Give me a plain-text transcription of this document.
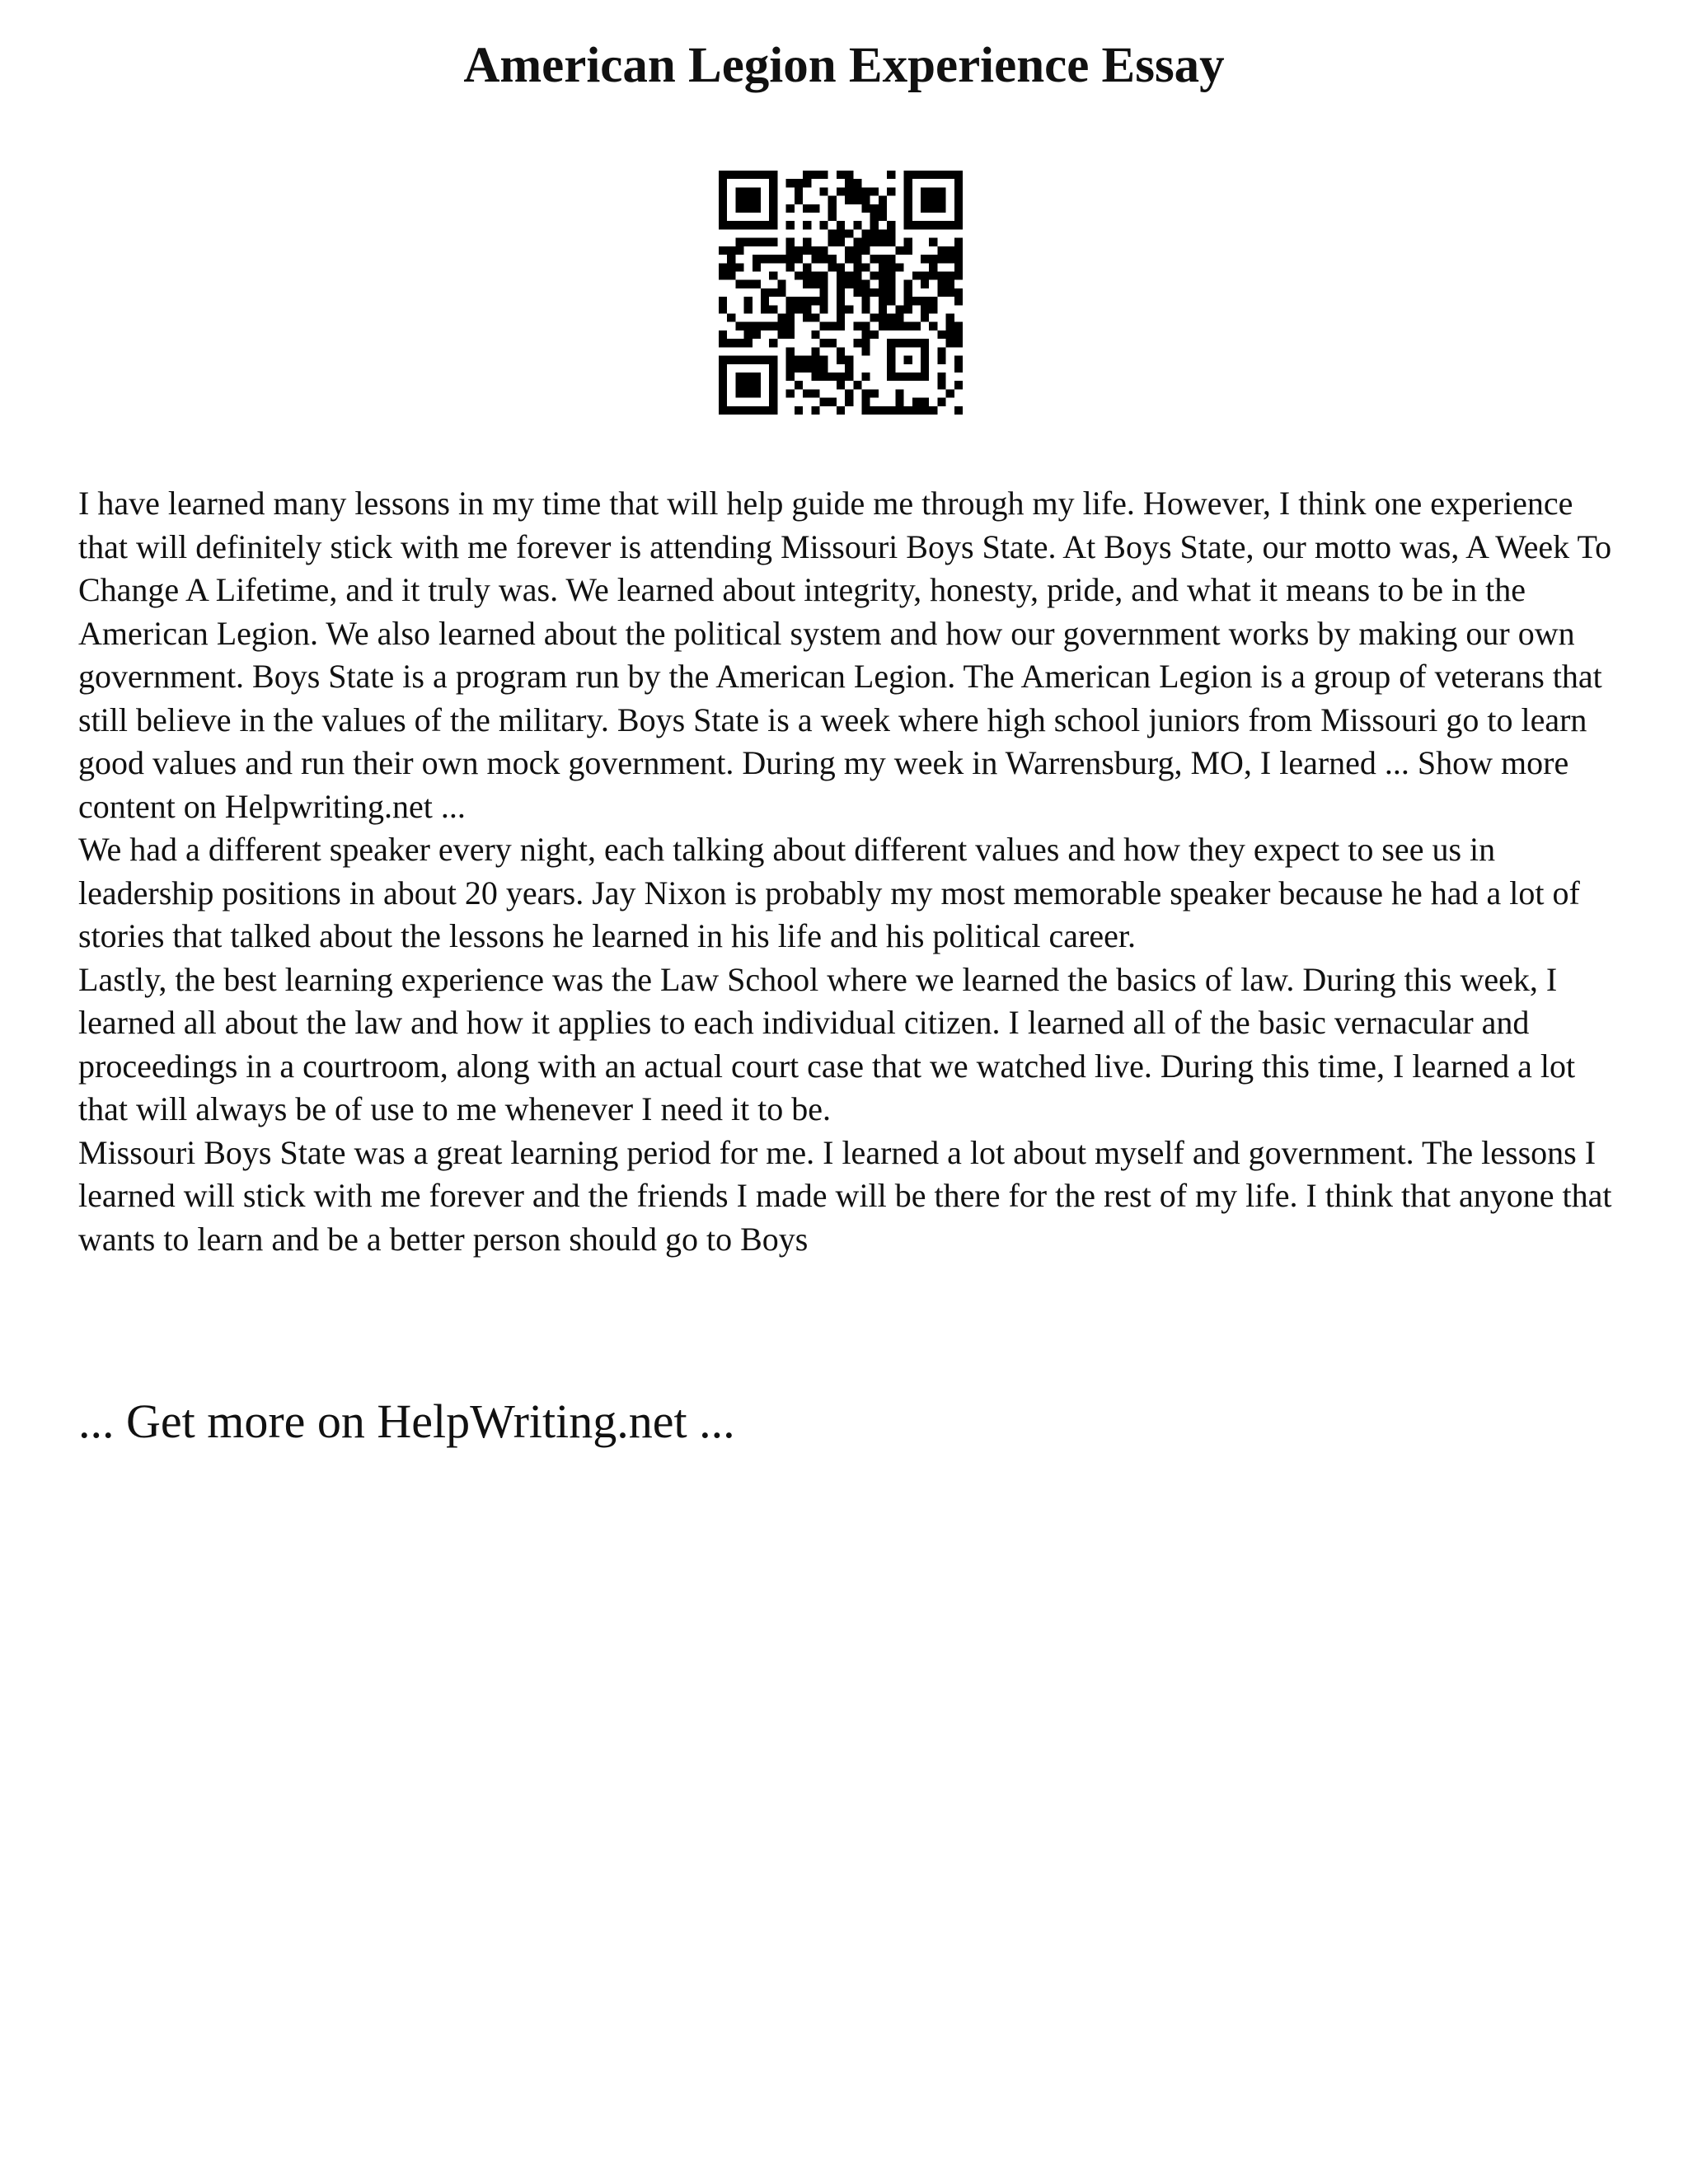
American Legion Experience Essay

I have learned many lessons in my time that will help guide me through my life. However, I think one experience that will definitely stick with me forever is attending Missouri Boys State. At Boys State, our motto was, A Week To Change A Lifetime, and it truly was. We learned about integrity, honesty, pride, and what it means to be in the American Legion. We also learned about the political system and how our government works by making our own government. Boys State is a program run by the American Legion. The American Legion is a group of veterans that still believe in the values of the military. Boys State is a week where high school juniors from Missouri go to learn good values and run their own mock government. During my week in Warrensburg, MO, I learned ... Show more content on Helpwriting.net ...

We had a different speaker every night, each talking about different values and how they expect to see us in leadership positions in about 20 years. Jay Nixon is probably my most memorable speaker because he had a lot of stories that talked about the lessons he learned in his life and his political career.

Lastly, the best learning experience was the Law School where we learned the basics of law. During this week, I learned all about the law and how it applies to each individual citizen. I learned all of the basic vernacular and proceedings in a courtroom, along with an actual court case that we watched live. During this time, I learned a lot that will always be of use to me whenever I need it to be.

Missouri Boys State was a great learning period for me. I learned a lot about myself and government. The lessons I learned will stick with me forever and the friends I made will be there for the rest of my life. I think that anyone that wants to learn and be a better person should go to Boys

... Get more on HelpWriting.net ...
